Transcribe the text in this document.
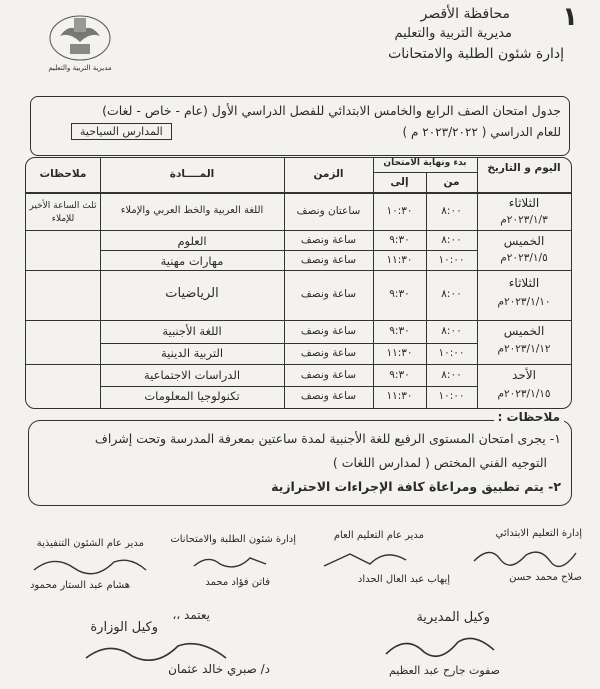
١
محافظة الأقصر
مديرية التربية والتعليم
إدارة شئون الطلبة والامتحانات
مديرية التربية والتعليم
جدول امتحان الصف الرابع والخامس الابتدائي للفصل الدراسي الأول (عام - خاص - لغات)
للعام الدراسي ( ٢٠٢٣/٢٠٢٢ م )
المدارس السياحية
اليوم و التاريخ
بدء ونهاية الامتحان
من
إلى
الزمن
المــــادة
ملاحظات
الثلاثاء
٢٠٢٣/١/٣م
٨:٠٠
١٠:٣٠
ساعتان ونصف
اللغة العربية والخط العربي والإملاء
ثلث الساعة الأخير للإملاء
الخميس
٢٠٢٣/١/٥م
٨:٠٠
٩:٣٠
ساعة ونصف
العلوم
١٠:٠٠
١١:٣٠
ساعة ونصف
مهارات مهنية
الثلاثاء
٢٠٢٣/١/١٠م
٨:٠٠
٩:٣٠
ساعة ونصف
الرياضيات
الخميس
٢٠٢٣/١/١٢م
٨:٠٠
٩:٣٠
ساعة ونصف
اللغة الأجنبية
١٠:٠٠
١١:٣٠
ساعة ونصف
التربية الدينية
الأحد
٢٠٢٣/١/١٥م
٨:٠٠
٩:٣٠
ساعة ونصف
الدراسات الاجتماعية
١٠:٠٠
١١:٣٠
ساعة ونصف
تكنولوجيا المعلومات
ملاحظات :
١- يجرى امتحان المستوى الرفيع للغة الأجنبية لمدة ساعتين بمعرفة المدرسة وتحت إشراف
التوجيه الفني المختص ( لمدارس اللغات )
٢- يتم تطبيق ومراعاة كافة الإجراءات الاحترازية
إدارة التعليم الابتدائي
صلاح محمد حسن
مدير عام التعليم العام
إيهاب عبد العال الحداد
إدارة شئون الطلبة والامتحانات
فاتن فؤاد محمد
مدير عام الشئون التنفيذية
هشام عبد الستار محمود
وكيل المديرية
صفوت جارح عبد العظيم
يعتمد ،،
وكيل الوزارة
د/ صبري خالد عثمان
